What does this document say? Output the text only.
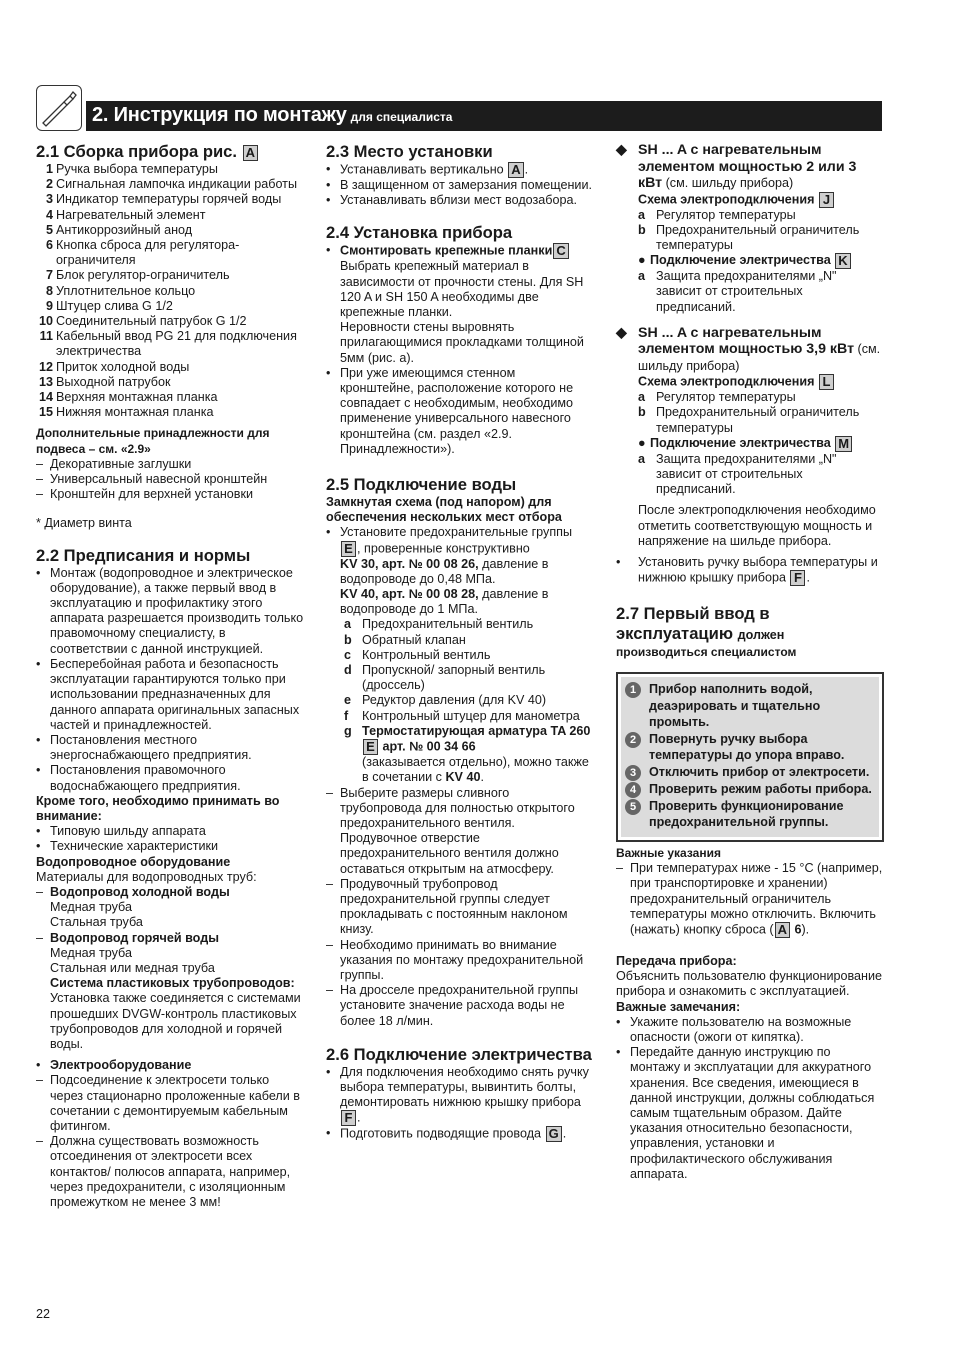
2. Инструкция по монтажу для специалиста
2.1 Сборка прибора рис. A
1 Ручка выбора температуры
2 Сигнальная лампочка индикации работы
3 Индикатор температуры горячей воды
4 Нагревательный элемент
5 Антикоррозийный анод
6 Кнопка сброса для регулятора-ограничителя
7 Блок регулятор-ограничитель
8 Уплотнительное кольцо
9 Штуцер слива G 1/2
10 Соединительный патрубок G 1/2
11 Кабельный ввод PG 21 для подключения электричества
12 Приток холодной воды
13 Выходной патрубок
14 Верхняя монтажная планка
15 Нижняя монтажная планка
Дополнительные принадлежности для подвеса – см. «2.9»
– Декоративные заглушки
– Универсальный навесной кронштейн
– Кронштейн для верхней установки
* Диаметр винта
2.2 Предписания и нормы
• Монтаж (водопроводное и электрическое оборудование), а также первый ввод в эксплуатацию и профилактику этого аппарата разрешается производить только правомочному специалисту, в соответствии с данной инструкцией.
• Бесперебойная работа и безопасность эксплуатации гарантируются только при использовании предназначенных для данного аппарата оригинальных запасных частей и принадлежностей.
• Постановления местного энергоснабжающего предприятия.
• Постановления правомочного водоснабжающего предприятия.
Кроме того, необходимо принимать во внимание:
• Типовую шильду аппарата
• Технические характеристики
Водопроводное оборудование
Материалы для водопроводных труб:
– Водопровод холодной воды
Медная труба
Стальная труба
– Водопровод горячей воды
Медная труба
Стальная или медная труба
Система пластиковых трубопроводов:
Установка также соединяется с системами прошедших DVGW-контроль пластиковых трубопроводов для холодной и горячей воды.
• Электрооборудование
– Подсоединение к электросети только через стационарно проложенные кабели в сочетании с демонтируемым кабельным фитингом.
– Должна существовать возможность отсоединения от электросети всех контактов/ полюсов аппарата, например, через предохранители, с изоляционным промежутком не менее 3 мм!
2.3 Место установки
• Устанавливать вертикально A .
• В защищенном от замерзания помещении.
• Устанавливать вблизи мест водозабора.
2.4 Установка прибора
• Смонтировать крепежные планки C
Выбрать крепежный материал в зависимости от прочности стены. Для SH 120 A и SH 150 A необходимы две крепежные планки.
Неровности стены выровнять прилагающимися прокладками толщиной 5мм (рис. а).
• При уже имеющимся стенном кронштейне, расположение которого не совпадает с необходимым, необходимо применение универсального навесного кронштейна (см. раздел «2.9. Принадлежности»).
2.5 Подключение воды
Замкнутая схема (под напором) для обеспечения нескольких мест отбора
• Установите предохранительные группы E , проверенные конструктивно
KV 30, арт. № 00 08 26, давление в водопроводе до 0,48 МПа.
KV 40, арт. № 00 08 28, давление в водопроводе до 1 МПа.
a Предохранительный вентиль
b Обратный клапан
c Контрольный вентиль
d Пропускной/ запорный вентиль (дроссель)
e Редуктор давления (для KV 40)
f	Контрольный штуцер для манометра
g Термостатирующая арматура TA 260 E арт. № 00 34 66
(заказывается отдельно), можно также в сочетании с KV 40.
– Выберите размеры сливного трубопровода для полностью открытого предохранительного вентиля. Продувочное отверстие предохранительного вентиля должно оставаться открытым на атмосферу.
– Продувочный трубопровод предохранительной группы следует прокладывать с постоянным наклоном книзу.
– Необходимо принимать во внимание указания по монтажу предохранительной группы.
– На дросселе предохранительной группы установите значение расхода воды не более 18 л/мин.
2.6 Подключение электричества
• Для подключения необходимо снять ручку выбора температуры, вывинтить болты, демонтировать нижнюю крышку прибора F .
• Подготовить подводящие провода G .
◆ SH ... A с нагревательным элементом мощностью 2 или 3 кВт (см. шильду прибора)
Схема электроподключения J
a Регулятор температуры
b Предохранительный ограничитель температуры
● Подключение электричества
K
a Защита предохранителями „N" зависит от строительных предписаний.
◆ SH ... A с нагревательным элементом мощностью 3,9 кВт (см. шильду прибора)
Схема электроподключения L
a Регулятор температуры
b Предохранительный ограничитель температуры
● Подключение электричества
M
a Защита предохранителями „N" зависит от строительных предписаний.
После электроподключения необходимо отметить соответствующую мощность и напряжение на шильде прибора.
•	Установить ручку выбора температуры и нижнюю крышку прибора F .
2.7 Первый ввод в эксплуатацию должен
производиться специалистом
1	Прибор наполнить водой, деаэрировать и тщательно промыть.
2	Повернуть ручку выбора температуры до упора вправо.
3	Отключить прибор от электросети.
4	Проверить режим работы прибора.
5	Проверить функционирование предохранительной группы.
Важные указания
– При температурах ниже - 15 °C (например, при транспортировке и хранении) предохранительный ограничитель температуры можно отключить. Включить (нажать) кнопку сброса ( A 6).
Передача прибора:
Объяснить пользователю функционирование прибора и ознакомить с эксплуатацией.
Важные замечания:
• Укажите пользователю на возможные опасности (ожоги от кипятка).
• Передайте данную инструкцию по монтажу и эксплуатации для аккуратного хранения. Все сведения, имеющиеся в данной инструкции, должны соблюдаться самым тщательным образом. Дайте указания относительно безопасности, управления, установки и профилактического обслуживания аппарата.
22
